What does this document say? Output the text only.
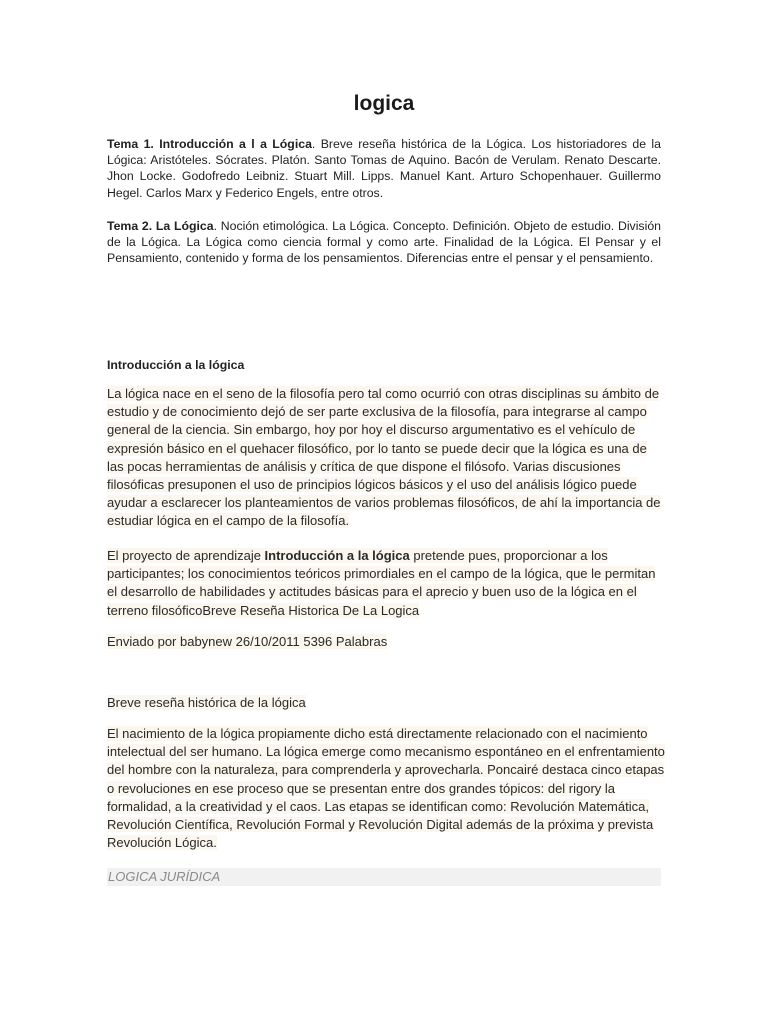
logica
Tema 1. Introducción a l a Lógica. Breve reseña histórica de la Lógica. Los historiadores de la Lógica: Aristóteles. Sócrates. Platón. Santo Tomas de Aquino. Bacón de Verulam. Renato Descarte. Jhon Locke. Godofredo Leibniz. Stuart Mill. Lipps. Manuel Kant. Arturo Schopenhauer. Guillermo Hegel. Carlos Marx y Federico Engels, entre otros.
Tema 2. La Lógica. Noción etimológica. La Lógica. Concepto. Definición. Objeto de estudio. División de la Lógica. La Lógica como ciencia formal y como arte. Finalidad de la Lógica. El Pensar y el Pensamiento, contenido y forma de los pensamientos. Diferencias entre el pensar y el pensamiento.
Introducción a la lógica
La lógica nace en el seno de la filosofía pero tal como ocurrió con otras disciplinas su ámbito de estudio y de conocimiento dejó de ser parte exclusiva de la filosofía, para integrarse al campo general de la ciencia. Sin embargo, hoy por hoy el discurso argumentativo es el vehículo de expresión básico en el quehacer filosófico, por lo tanto se puede decir que la lógica es una de las pocas herramientas de análisis y crítica de que dispone el filósofo. Varias discusiones filosóficas presuponen el uso de principios lógicos básicos y el uso del análisis lógico puede ayudar a esclarecer los planteamientos de varios problemas filosóficos, de ahí la importancia de estudiar lógica en el campo de la filosofía.
El proyecto de aprendizaje Introducción a la lógica pretende pues, proporcionar a los participantes; los conocimientos teóricos primordiales en el campo de la lógica, que le permitan el desarrollo de habilidades y actitudes básicas para el aprecio y buen uso de la lógica en el terreno filosóficoBreve Reseña Historica De La Logica
Enviado por babynew 26/10/2011 5396 Palabras
Breve reseña histórica de la lógica
El nacimiento de la lógica propiamente dicho está directamente relacionado con el nacimiento intelectual del ser humano. La lógica emerge como mecanismo espontáneo en el enfrentamiento del hombre con la naturaleza, para comprenderla y aprovecharla. Poncairé destaca cinco etapas o revoluciones en ese proceso que se presentan entre dos grandes tópicos: del rigory la formalidad, a la creatividad y el caos. Las etapas se identifican como: Revolución Matemática, Revolución Científica, Revolución Formal y Revolución Digital además de la próxima y prevista Revolución Lógica.
LOGICA JURÍDICA
